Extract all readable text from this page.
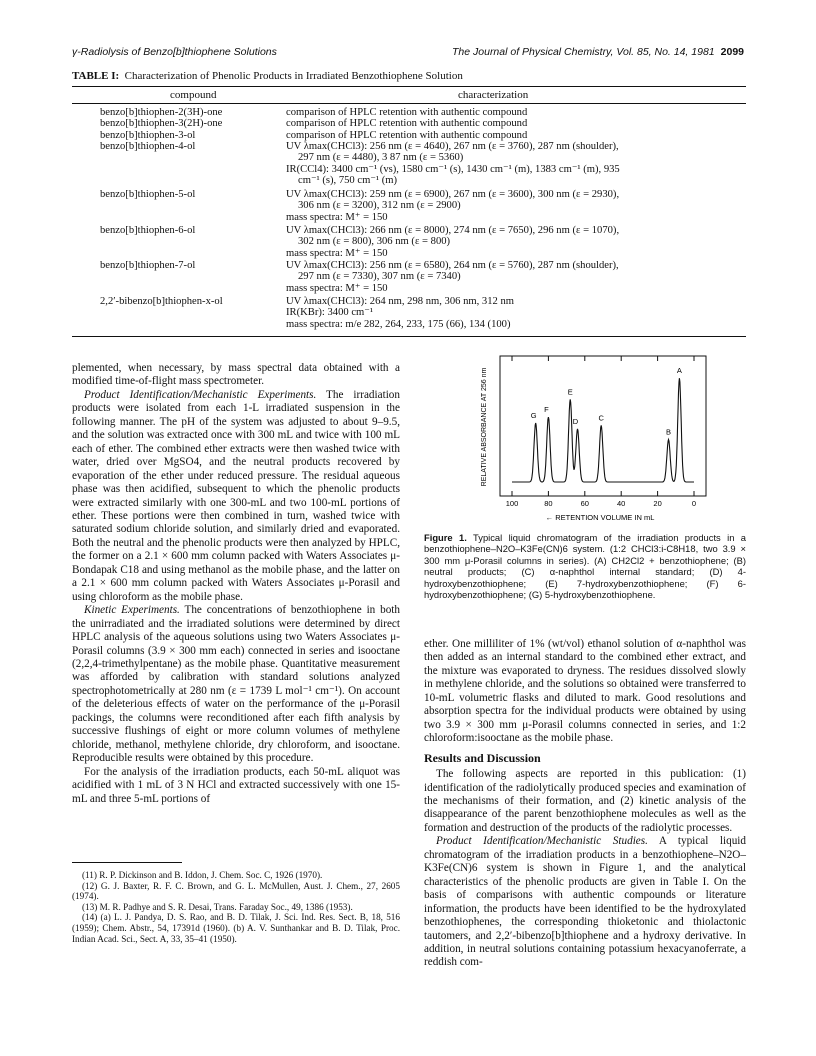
γ-Radiolysis of Benzo[b]thiophene Solutions	The Journal of Physical Chemistry, Vol. 85, No. 14, 1981 2099
TABLE I: Characterization of Phenolic Products in Irradiated Benzothiophene Solution
compound	characterization
benzo[b]thiophen-2(3H)-one	comparison of HPLC retention with authentic compound
benzo[b]thiophen-3(2H)-one	comparison of HPLC retention with authentic compound
benzo[b]thiophen-3-ol	comparison of HPLC retention with authentic compound
benzo[b]thiophen-4-ol	UV λmax(CHCl3): 256 nm (ε = 4640), 267 nm (ε = 3760), 287 nm (shoulder),
297 nm (ε = 4480), 3 87 nm (ε = 5360)
IR(CCl4): 3400 cm⁻¹ (vs), 1580 cm⁻¹ (s), 1430 cm⁻¹ (m), 1383 cm⁻¹ (m), 935
cm⁻¹ (s), 750 cm⁻¹ (m)
benzo[b]thiophen-5-ol	UV λmax(CHCl3): 259 nm (ε = 6900), 267 nm (ε = 3600), 300 nm (ε = 2930),
306 nm (ε = 3200), 312 nm (ε = 2900)
mass spectra: M⁺ = 150
benzo[b]thiophen-6-ol	UV λmax(CHCl3): 266 nm (ε = 8000), 274 nm (ε = 7650), 296 nm (ε = 1070),
302 nm (ε = 800), 306 nm (ε = 800)
mass spectra: M⁺ = 150
benzo[b]thiophen-7-ol	UV λmax(CHCl3): 256 nm (ε = 6580), 264 nm (ε = 5760), 287 nm (shoulder),
297 nm (ε = 7330), 307 nm (ε = 7340)
mass spectra: M⁺ = 150
2,2′-bibenzo[b]thiophen-x-ol	UV λmax(CHCl3): 264 nm, 298 nm, 306 nm, 312 nm
IR(KBr): 3400 cm⁻¹
mass spectra: m/e 282, 264, 233, 175 (66), 134 (100)

plemented, when necessary, by mass spectral data obtained with a modified time-of-flight mass spectrometer.

Product Identification/Mechanistic Experiments. The irradiation products were isolated from each 1-L irradiated suspension in the following manner. The pH of the system was adjusted to about 9–9.5, and the solution was extracted once with 300 mL and twice with 100 mL each of ether. The combined ether extracts were then washed twice with water, dried over MgSO4, and the neutral products recovered by evaporation of the ether under reduced pressure. The residual aqueous phase was then acidified, subsequent to which the phenolic products were extracted similarly with one 300-mL and two 100-mL portions of ether. These portions were then combined in turn, washed twice with saturated sodium chloride solution, and similarly dried and evaporated. Both the neutral and the phenolic products were then analyzed by HPLC, the former on a 2.1 × 600 mm column packed with Waters Associates μ-Bondapak C18 and using methanol as the mobile phase, and the latter on a 2.1 × 600 mm column packed with Waters Associates μ-Porasil and using chloroform as the mobile phase.

Kinetic Experiments. The concentrations of benzothiophene in both the unirradiated and the irradiated solutions were determined by direct HPLC analysis of the aqueous solutions using two Waters Associates μ-Porasil columns (3.9 × 300 mm each) connected in series and isooctane (2,2,4-trimethylpentane) as the mobile phase. Quantitative measurement was afforded by calibration with standard solutions analyzed spectrophotometrically at 280 nm (ε = 1739 L mol⁻¹ cm⁻¹). On account of the deleterious effects of water on the performance of the μ-Porasil packings, the columns were reconditioned after each fifth analysis by successive flushings of eight or more column volumes of methylene chloride, methanol, methylene chloride, dry chloroform, and isooctane. Reproducible results were obtained by this procedure.

For the analysis of the irradiation products, each 50-mL aliquot was acidified with 1 mL of 3 N HCl and extracted successively with one 15-mL and three 5-mL portions of

(11) R. P. Dickinson and B. Iddon, J. Chem. Soc. C, 1926 (1970).

(12) G. J. Baxter, R. F. C. Brown, and G. L. McMullen, Aust. J. Chem., 27, 2605 (1974).

(13) M. R. Padhye and S. R. Desai, Trans. Faraday Soc., 49, 1386 (1953).

(14) (a) L. J. Pandya, D. S. Rao, and B. D. Tilak, J. Sci. Ind. Res. Sect. B, 18, 516 (1959); Chem. Abstr., 54, 17391d (1960). (b) A. V. Sunthankar and B. D. Tilak, Proc. Indian Acad. Sci., Sect. A, 33, 35–41 (1950).

RELATIVE ABSORBANCE AT 256 nm
100	80	60	40	20	0
G
F
E
D	C
B
A
← RETENTION VOLUME IN mL
Figure 1. Typical liquid chromatogram of the irradiation products in a benzothiophene–N2O–K3Fe(CN)6 system. (1:2 CHCl3:i-C8H18, two 3.9 × 300 mm μ-Porasil columns in series). (A) CH2Cl2 + benzothiophene; (B) neutral products; (C) α-naphthol internal standard; (D) 4-hydroxybenzothiophene; (E) 7-hydroxybenzothiophene; (F) 6-hydroxybenzothiophene; (G) 5-hydroxybenzothiophene.

ether. One milliliter of 1% (wt/vol) ethanol solution of α-naphthol was then added as an internal standard to the combined ether extract, and the mixture was evaporated to dryness. The residues dissolved slowly in methylene chloride, and the solutions so obtained were transferred to 10-mL volumetric flasks and diluted to mark. Good resolutions and absorption spectra for the individual products were obtained by using two 3.9 × 300 mm μ-Porasil columns connected in series, and 1:2 chloroform:isooctane as the mobile phase.

Results and Discussion

The following aspects are reported in this publication: (1) identification of the radiolytically produced species and examination of the mechanisms of their formation, and (2) kinetic analysis of the disappearance of the parent benzothiophene molecules as well as the formation and destruction of the products of the radiolytic processes.

Product Identification/Mechanistic Studies. A typical liquid chromatogram of the irradiation products in a benzothiophene–N2O–K3Fe(CN)6 system is shown in Figure 1, and the analytical characteristics of the phenolic products are given in Table I. On the basis of comparisons with authentic compounds or literature information, the products have been identified to be the hydroxylated benzothiophenes, the corresponding thioketonic and thiolactonic tautomers, and 2,2′-bibenzo[b]thiophene and a hydroxy derivative. In addition, in neutral solutions containing potassium hexacyanoferrate, a reddish com-
